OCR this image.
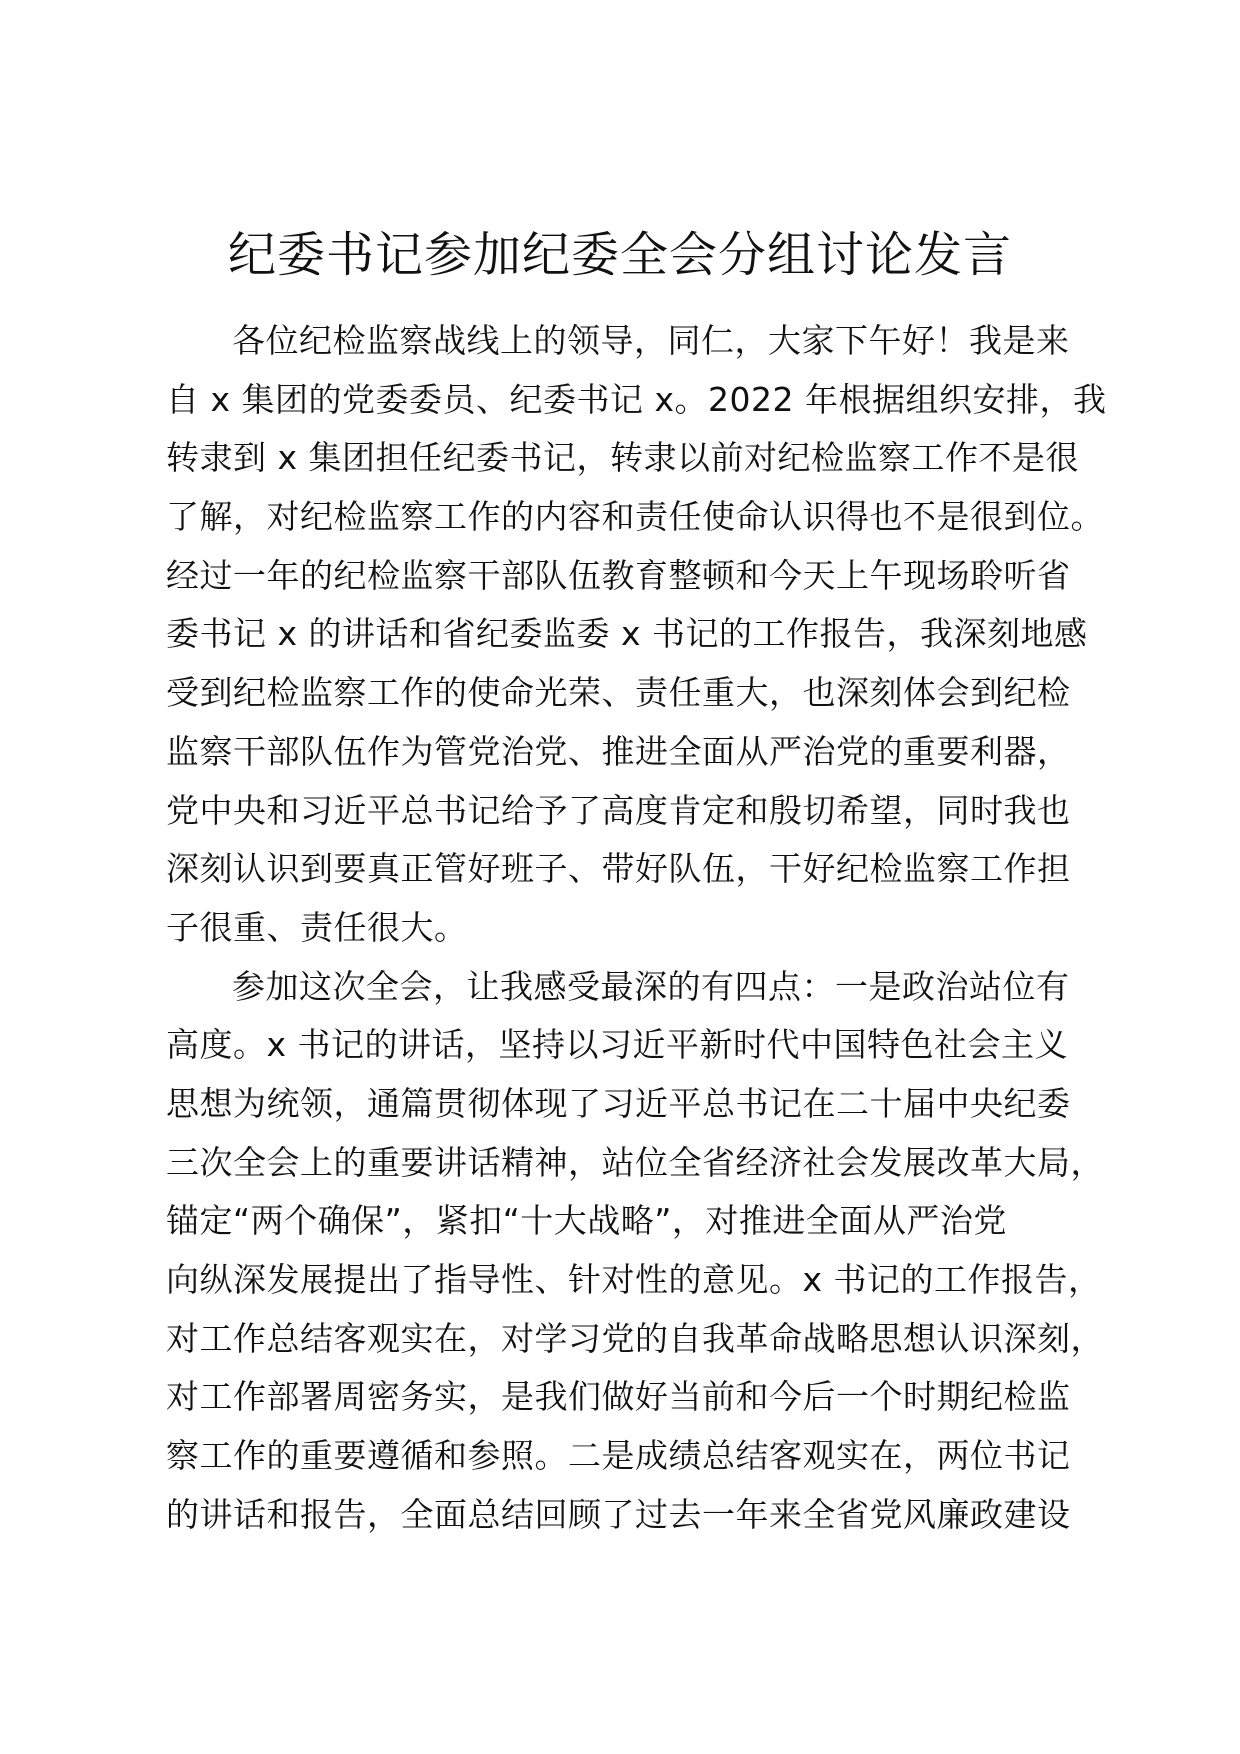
纪委书记参加纪委全会分组讨论发言
各位纪检监察战线上的领导，同仁，大家下午好！我是来
自 x 集团的党委委员、纪委书记 x。2022 年根据组织安排，我
转隶到 x 集团担任纪委书记，转隶以前对纪检监察工作不是很
了解，对纪检监察工作的内容和责任使命认识得也不是很到位。
经过一年的纪检监察干部队伍教育整顿和今天上午现场聆听省
委书记 x 的讲话和省纪委监委 x 书记的工作报告，我深刻地感
受到纪检监察工作的使命光荣、责任重大，也深刻体会到纪检
监察干部队伍作为管党治党、推进全面从严治党的重要利器，
党中央和习近平总书记给予了高度肯定和殷切希望，同时我也
深刻认识到要真正管好班子、带好队伍，干好纪检监察工作担
子很重、责任很大。
参加这次全会，让我感受最深的有四点：一是政治站位有
高度。x 书记的讲话，坚持以习近平新时代中国特色社会主义
思想为统领，通篇贯彻体现了习近平总书记在二十届中央纪委
三次全会上的重要讲话精神，站位全省经济社会发展改革大局，
锚定“两个确保”，紧扣“十大战略”，对推进全面从严治党
向纵深发展提出了指导性、针对性的意见。x 书记的工作报告，
对工作总结客观实在，对学习党的自我革命战略思想认识深刻，
对工作部署周密务实，是我们做好当前和今后一个时期纪检监
察工作的重要遵循和参照。二是成绩总结客观实在，两位书记
的讲话和报告，全面总结回顾了过去一年来全省党风廉政建设
